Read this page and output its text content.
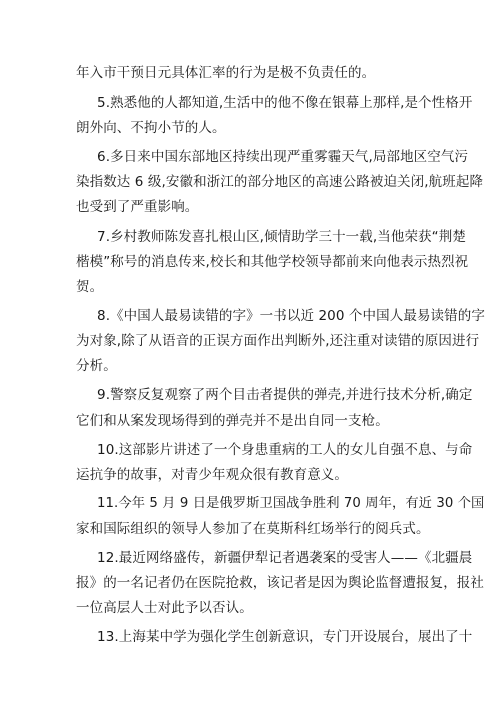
年入市干预日元具体汇率的行为是极不负责任的。
5.熟悉他的人都知道,生活中的他不像在银幕上那样,是个性格开
朗外向、不拘小节的人。
6.多日来中国东部地区持续出现严重雾霾天气,局部地区空气污
染指数达 6 级,安徽和浙江的部分地区的高速公路被迫关闭,航班起降
也受到了严重影响。
7.乡村教师陈发喜扎根山区,倾情助学三十一载,当他荣获“荆楚
楷模”称号的消息传来,校长和其他学校领导都前来向他表示热烈祝
贺。
8.《中国人最易读错的字》一书以近 200 个中国人最易读错的字
为对象,除了从语音的正误方面作出判断外,还注重对读错的原因进行
分析。
9.警察反复观察了两个目击者提供的弹壳,并进行技术分析,确定
它们和从案发现场得到的弹壳并不是出自同一支枪。
10.这部影片讲述了一个身患重病的工人的女儿自强不息、与命
运抗争的故事，对青少年观众很有教育意义。
11.今年 5 月 9 日是俄罗斯卫国战争胜利 70 周年，有近 30 个国
家和国际组织的领导人参加了在莫斯科红场举行的阅兵式。
12.最近网络盛传，新疆伊犁记者遇袭案的受害人——《北疆晨
报》的一名记者仍在医院抢救，该记者是因为舆论监督遭报复，报社
一位高层人士对此予以否认。
13.上海某中学为强化学生创新意识，专门开设展台，展出了十
